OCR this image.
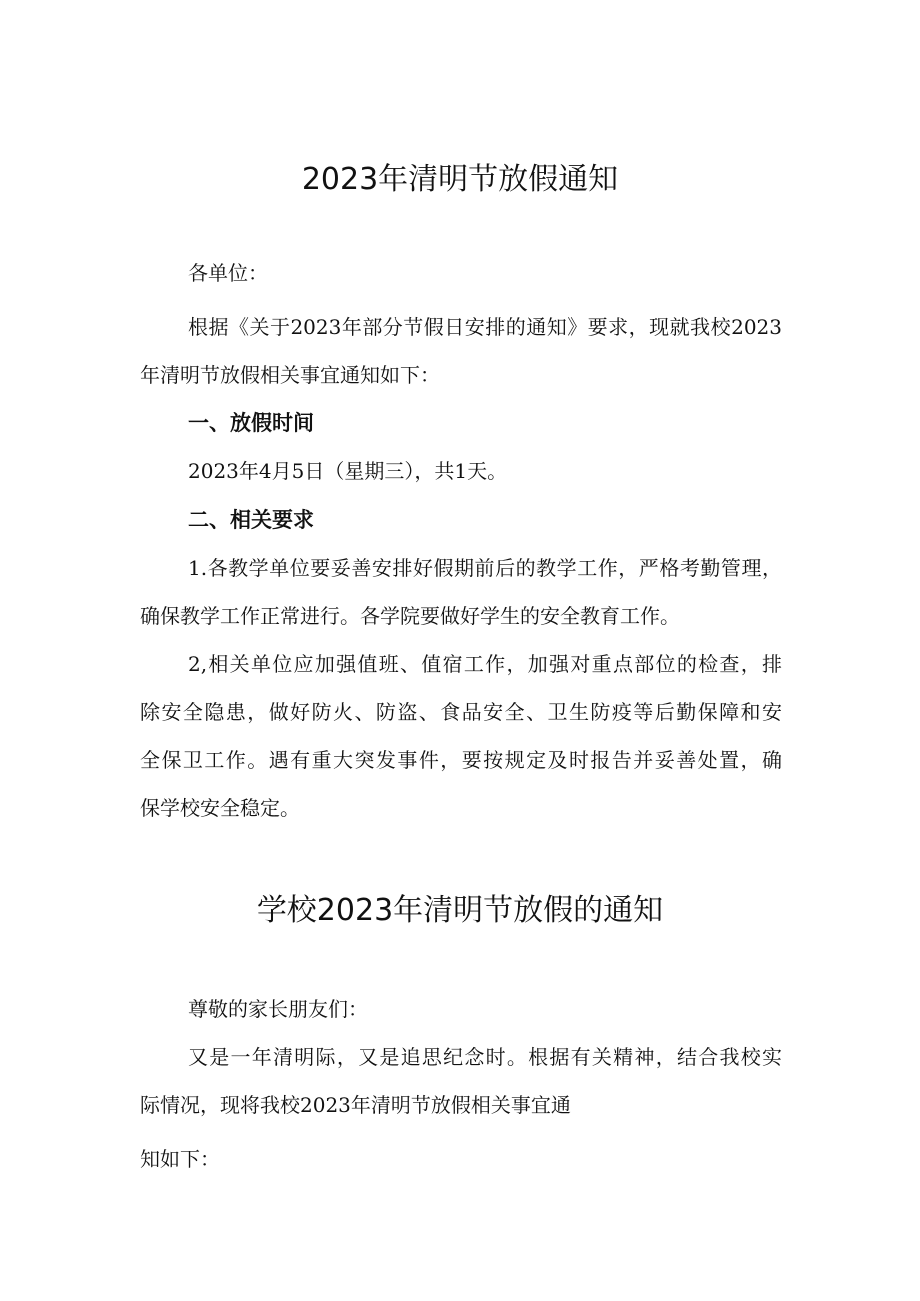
2023年清明节放假通知

各单位：

根据《关于2023年部分节假日安排的通知》要求，现就我校2023

年清明节放假相关事宜通知如下：

一、放假时间

2023年4月5日（星期三），共1天。

二、相关要求

1.各教学单位要妥善安排好假期前后的教学工作，严格考勤管理，

确保教学工作正常进行。各学院要做好学生的安全教育工作。

2,相关单位应加强值班、值宿工作，加强对重点部位的检查，排

除安全隐患，做好防火、防盗、食品安全、卫生防疫等后勤保障和安

全保卫工作。遇有重大突发事件，要按规定及时报告并妥善处置，确

保学校安全稳定。

学校2023年清明节放假的通知

尊敬的家长朋友们：

又是一年清明际，又是追思纪念时。根据有关精神，结合我校实

际情况，现将我校2023年清明节放假相关事宜通

知如下：
